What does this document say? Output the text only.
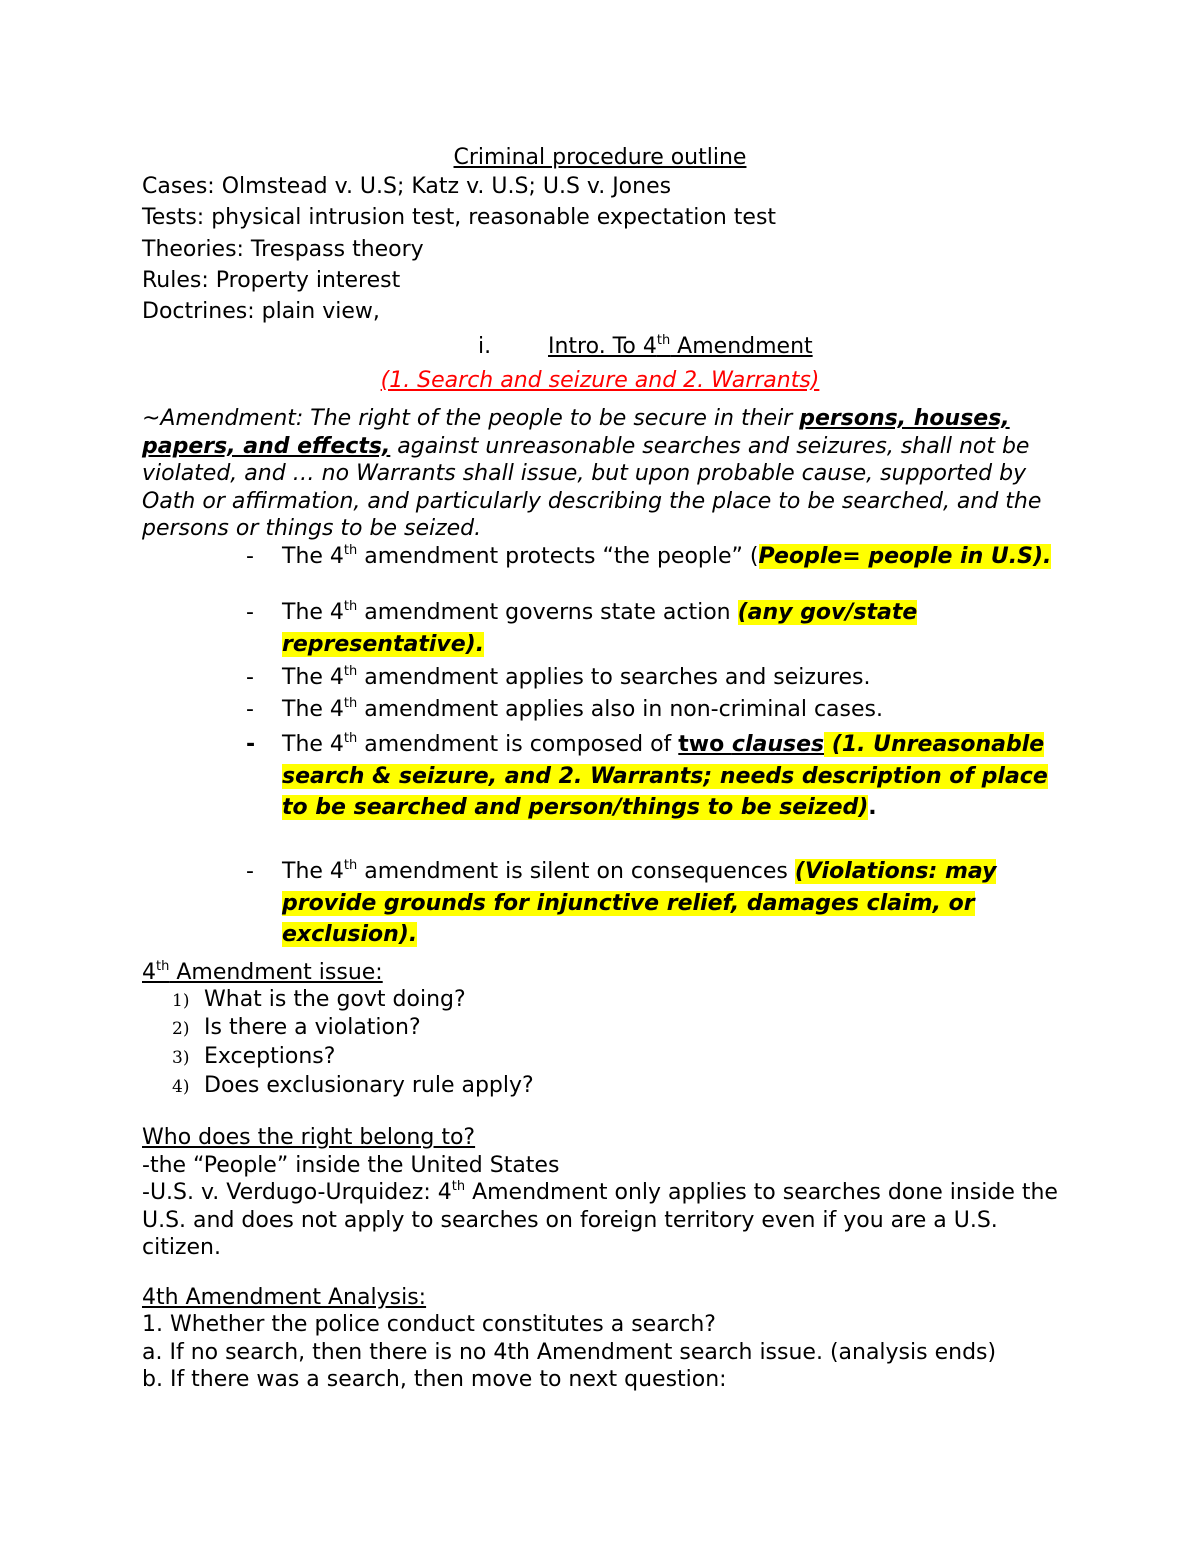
Criminal procedure outline
Cases: Olmstead v. U.S; Katz v. U.S; U.S v. Jones
Tests: physical intrusion test, reasonable expectation test
Theories: Trespass theory
Rules: Property interest
Doctrines: plain view,
i.	Intro. To 4th Amendment
(1. Search and seizure and 2. Warrants)
~Amendment: The right of the people to be secure in their persons, houses, papers, and effects, against unreasonable searches and seizures, shall not be violated, and … no Warrants shall issue, but upon probable cause, supported by Oath or affirmation, and particularly describing the place to be searched, and the persons or things to be seized.
- The 4th amendment protects “the people” (People= people in U.S).
- The 4th amendment governs state action (any gov/state representative).
- The 4th amendment applies to searches and seizures.
- The 4th amendment applies also in non-criminal cases.
- The 4th amendment is composed of two clauses (1. Unreasonable search & seizure, and 2. Warrants; needs description of place to be searched and person/things to be seized).
- The 4th amendment is silent on consequences (Violations: may provide grounds for injunctive relief, damages claim, or exclusion).
4th Amendment issue:
1) What is the govt doing?
2) Is there a violation?
3) Exceptions?
4) Does exclusionary rule apply?
Who does the right belong to?
-the “People” inside the United States
-U.S. v. Verdugo-Urquidez: 4th Amendment only applies to searches done inside the U.S. and does not apply to searches on foreign territory even if you are a U.S. citizen.
4th Amendment Analysis:
1. Whether the police conduct constitutes a search?
a. If no search, then there is no 4th Amendment search issue. (analysis ends)
b. If there was a search, then move to next question:
